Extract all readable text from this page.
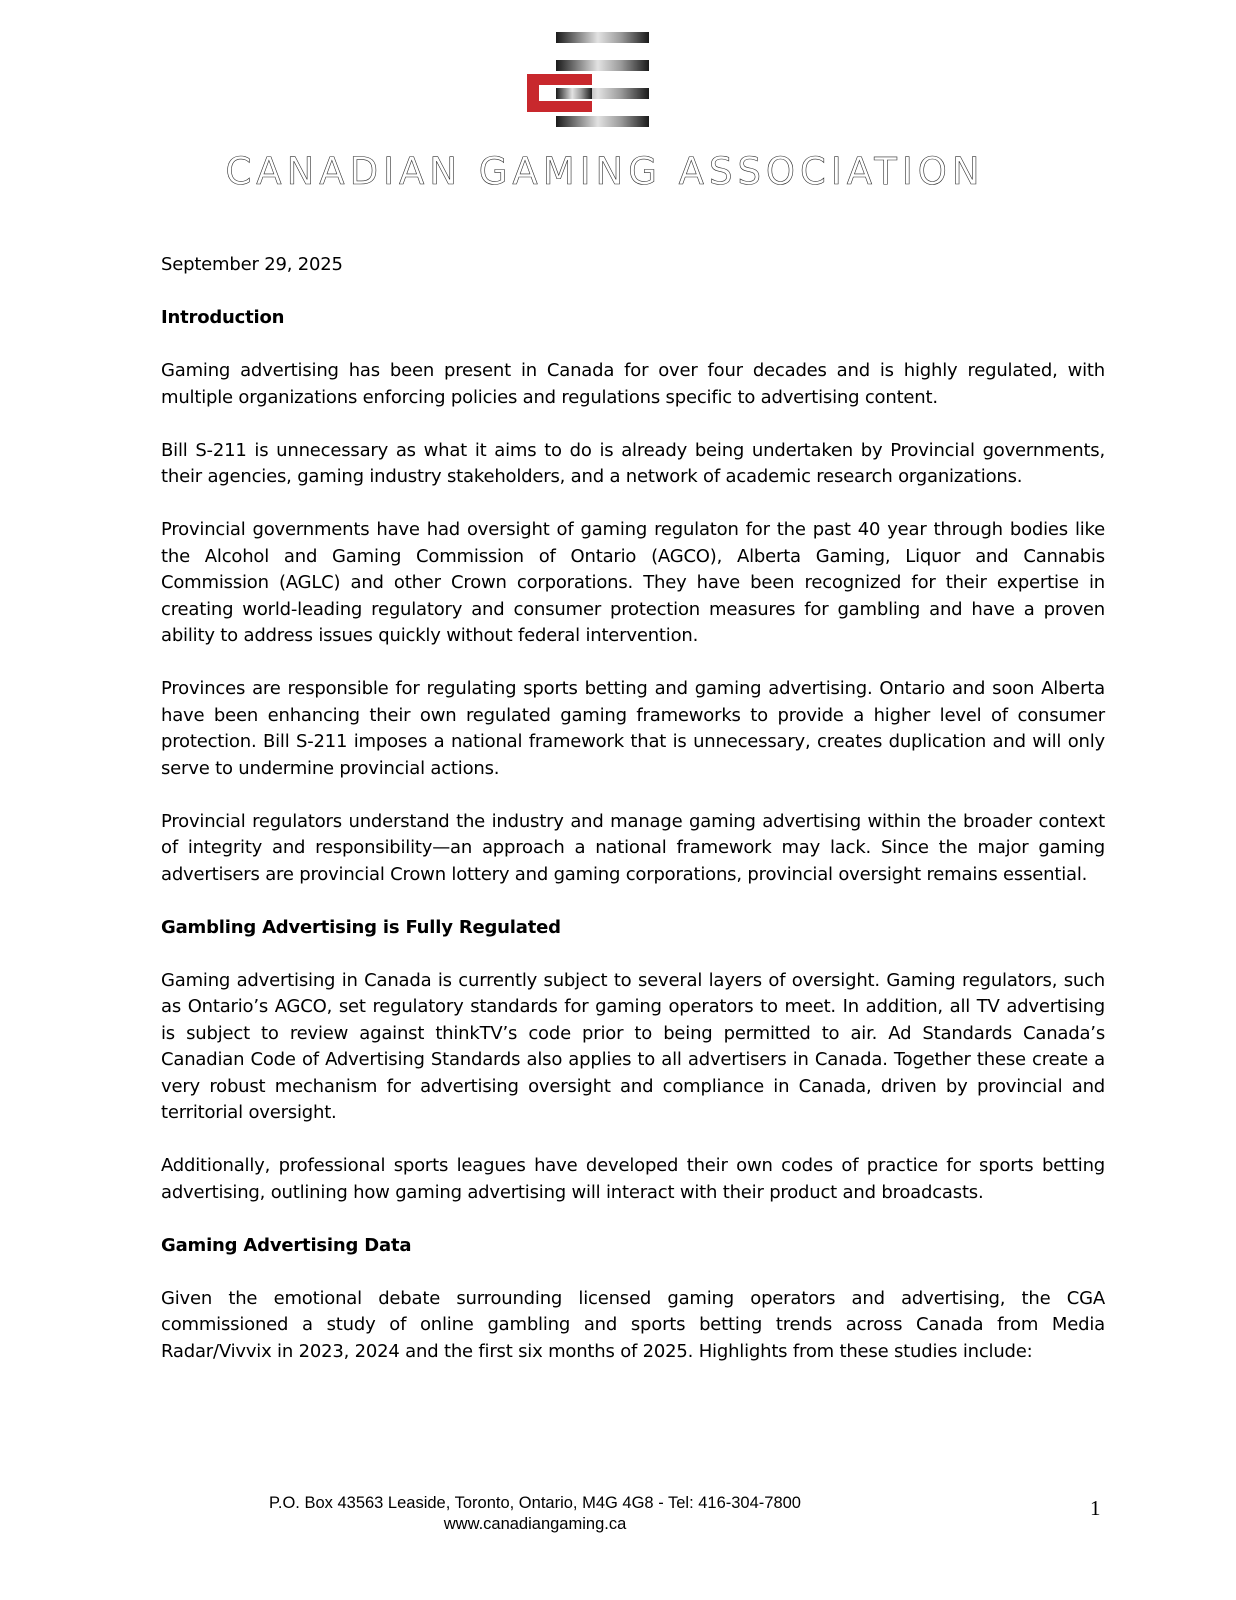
CANADIAN GAMING ASSOCIATION

September 29, 2025

Introduction

Gaming advertising has been present in Canada for over four decades and is highly regulated, with multiple organizations enforcing policies and regulations specific to advertising content.

Bill S-211 is unnecessary as what it aims to do is already being undertaken by Provincial governments, their agencies, gaming industry stakeholders, and a network of academic research organizations.

Provincial governments have had oversight of gaming regulaton for the past 40 year through bodies like the Alcohol and Gaming Commission of Ontario (AGCO), Alberta Gaming, Liquor and Cannabis Commission (AGLC) and other Crown corporations. They have been recognized for their expertise in creating world-leading regulatory and consumer protection measures for gambling and have a proven ability to address issues quickly without federal intervention.

Provinces are responsible for regulating sports betting and gaming advertising. Ontario and soon Alberta have been enhancing their own regulated gaming frameworks to provide a higher level of consumer protection. Bill S-211 imposes a national framework that is unnecessary, creates duplication and will only serve to undermine provincial actions.

Provincial regulators understand the industry and manage gaming advertising within the broader context of integrity and responsibility—an approach a national framework may lack. Since the major gaming advertisers are provincial Crown lottery and gaming corporations, provincial oversight remains essential.

Gambling Advertising is Fully Regulated

Gaming advertising in Canada is currently subject to several layers of oversight. Gaming regulators, such as Ontario’s AGCO, set regulatory standards for gaming operators to meet. In addition, all TV advertising is subject to review against thinkTV’s code prior to being permitted to air. Ad Standards Canada’s Canadian Code of Advertising Standards also applies to all advertisers in Canada. Together these create a very robust mechanism for advertising oversight and compliance in Canada, driven by provincial and territorial oversight.

Additionally, professional sports leagues have developed their own codes of practice for sports betting advertising, outlining how gaming advertising will interact with their product and broadcasts.

Gaming Advertising Data

Given the emotional debate surrounding licensed gaming operators and advertising, the CGA commissioned a study of online gambling and sports betting trends across Canada from Media Radar/Vivvix in 2023, 2024 and the first six months of 2025. Highlights from these studies include:

P.O. Box 43563 Leaside, Toronto, Ontario, M4G 4G8 - Tel: 416-304-7800
www.canadiangaming.ca
1
